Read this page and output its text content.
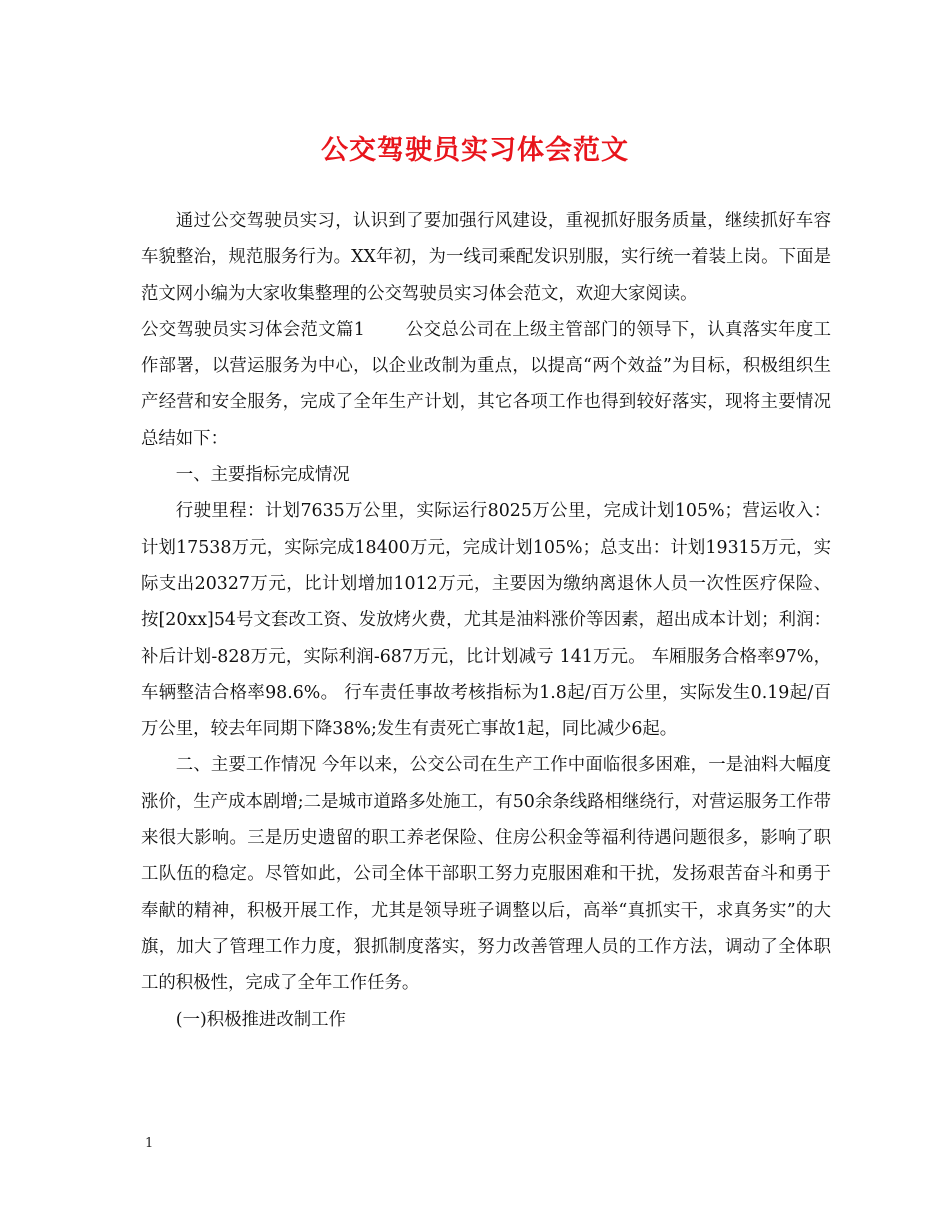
公交驾驶员实习体会范文

通过公交驾驶员实习，认识到了要加强行风建设，重视抓好服务质量，继续抓好车容车貌整治，规范服务行为。XX年初，为一线司乘配发识别服，实行统一着装上岗。下面是范文网小编为大家收集整理的公交驾驶员实习体会范文，欢迎大家阅读。

公交驾驶员实习体会范文篇1 公交总公司在上级主管部门的领导下，认真落实年度工作部署，以营运服务为中心，以企业改制为重点，以提高“两个效益”为目标，积极组织生产经营和安全服务，完成了全年生产计划，其它各项工作也得到较好落实，现将主要情况总结如下：

一、主要指标完成情况

行驶里程：计划7635万公里，实际运行8025万公里，完成计划105%；营运收入：计划17538万元，实际完成18400万元，完成计划105%；总支出：计划19315万元，实际支出20327万元，比计划增加1012万元，主要因为缴纳离退休人员一次性医疗保险、按[20xx]54号文套改工资、发放烤火费，尤其是油料涨价等因素，超出成本计划；利润：补后计划-828万元，实际利润-687万元，比计划减亏 141万元。 车厢服务合格率97%，车辆整洁合格率98.6%。 行车责任事故考核指标为1.8起/百万公里，实际发生0.19起/百万公里，较去年同期下降38%;发生有责死亡事故1起，同比减少6起。

二、主要工作情况 今年以来，公交公司在生产工作中面临很多困难，一是油料大幅度涨价，生产成本剧增;二是城市道路多处施工，有50余条线路相继绕行，对营运服务工作带来很大影响。三是历史遗留的职工养老保险、住房公积金等福利待遇问题很多，影响了职工队伍的稳定。尽管如此，公司全体干部职工努力克服困难和干扰，发扬艰苦奋斗和勇于奉献的精神，积极开展工作，尤其是领导班子调整以后，高举“真抓实干，求真务实”的大旗，加大了管理工作力度，狠抓制度落实，努力改善管理人员的工作方法，调动了全体职工的积极性，完成了全年工作任务。

(一)积极推进改制工作

1
